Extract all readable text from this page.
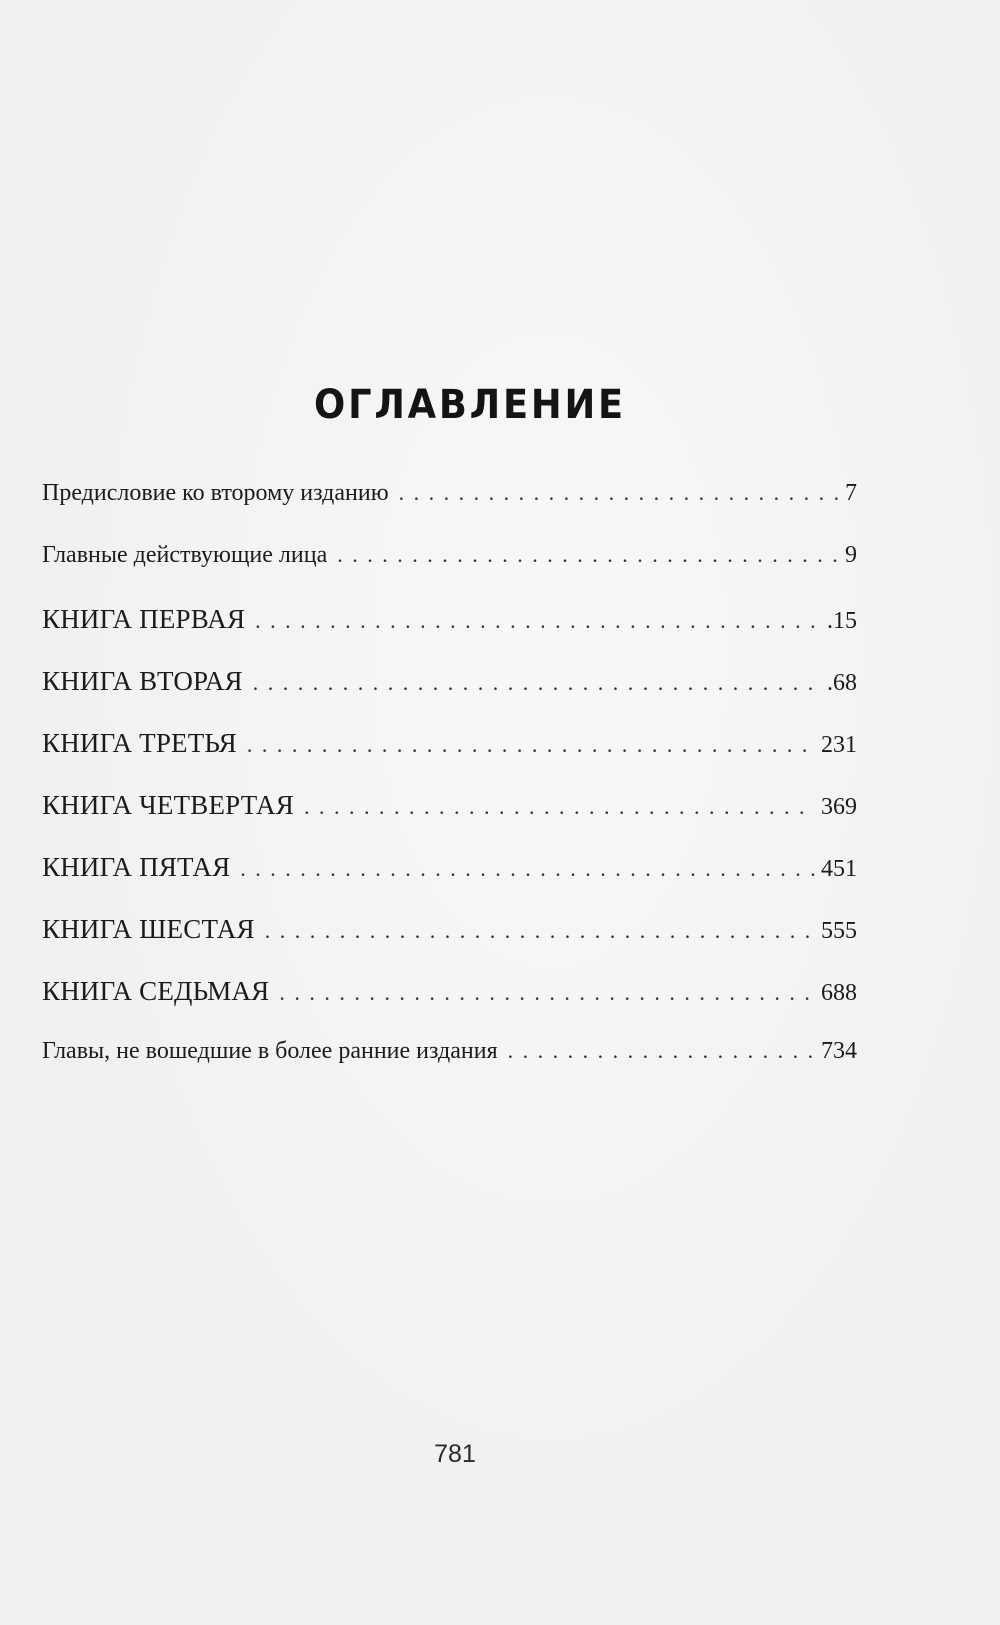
ОГЛАВЛЕНИЕ
Предисловие ко второму изданию . . .	7
Главные действующие лица . . .	9
КНИГА ПЕРВАЯ . . .	.15
КНИГА ВТОРАЯ . . .	.68
КНИГА ТРЕТЬЯ . . .	231
КНИГА ЧЕТВЕРТАЯ . . .	369
КНИГА ПЯТАЯ . . .	451
КНИГА ШЕСТАЯ . . .	555
КНИГА СЕДЬМАЯ . . .	688
Главы, не вошедшие в более ранние издания . . .	734
781
